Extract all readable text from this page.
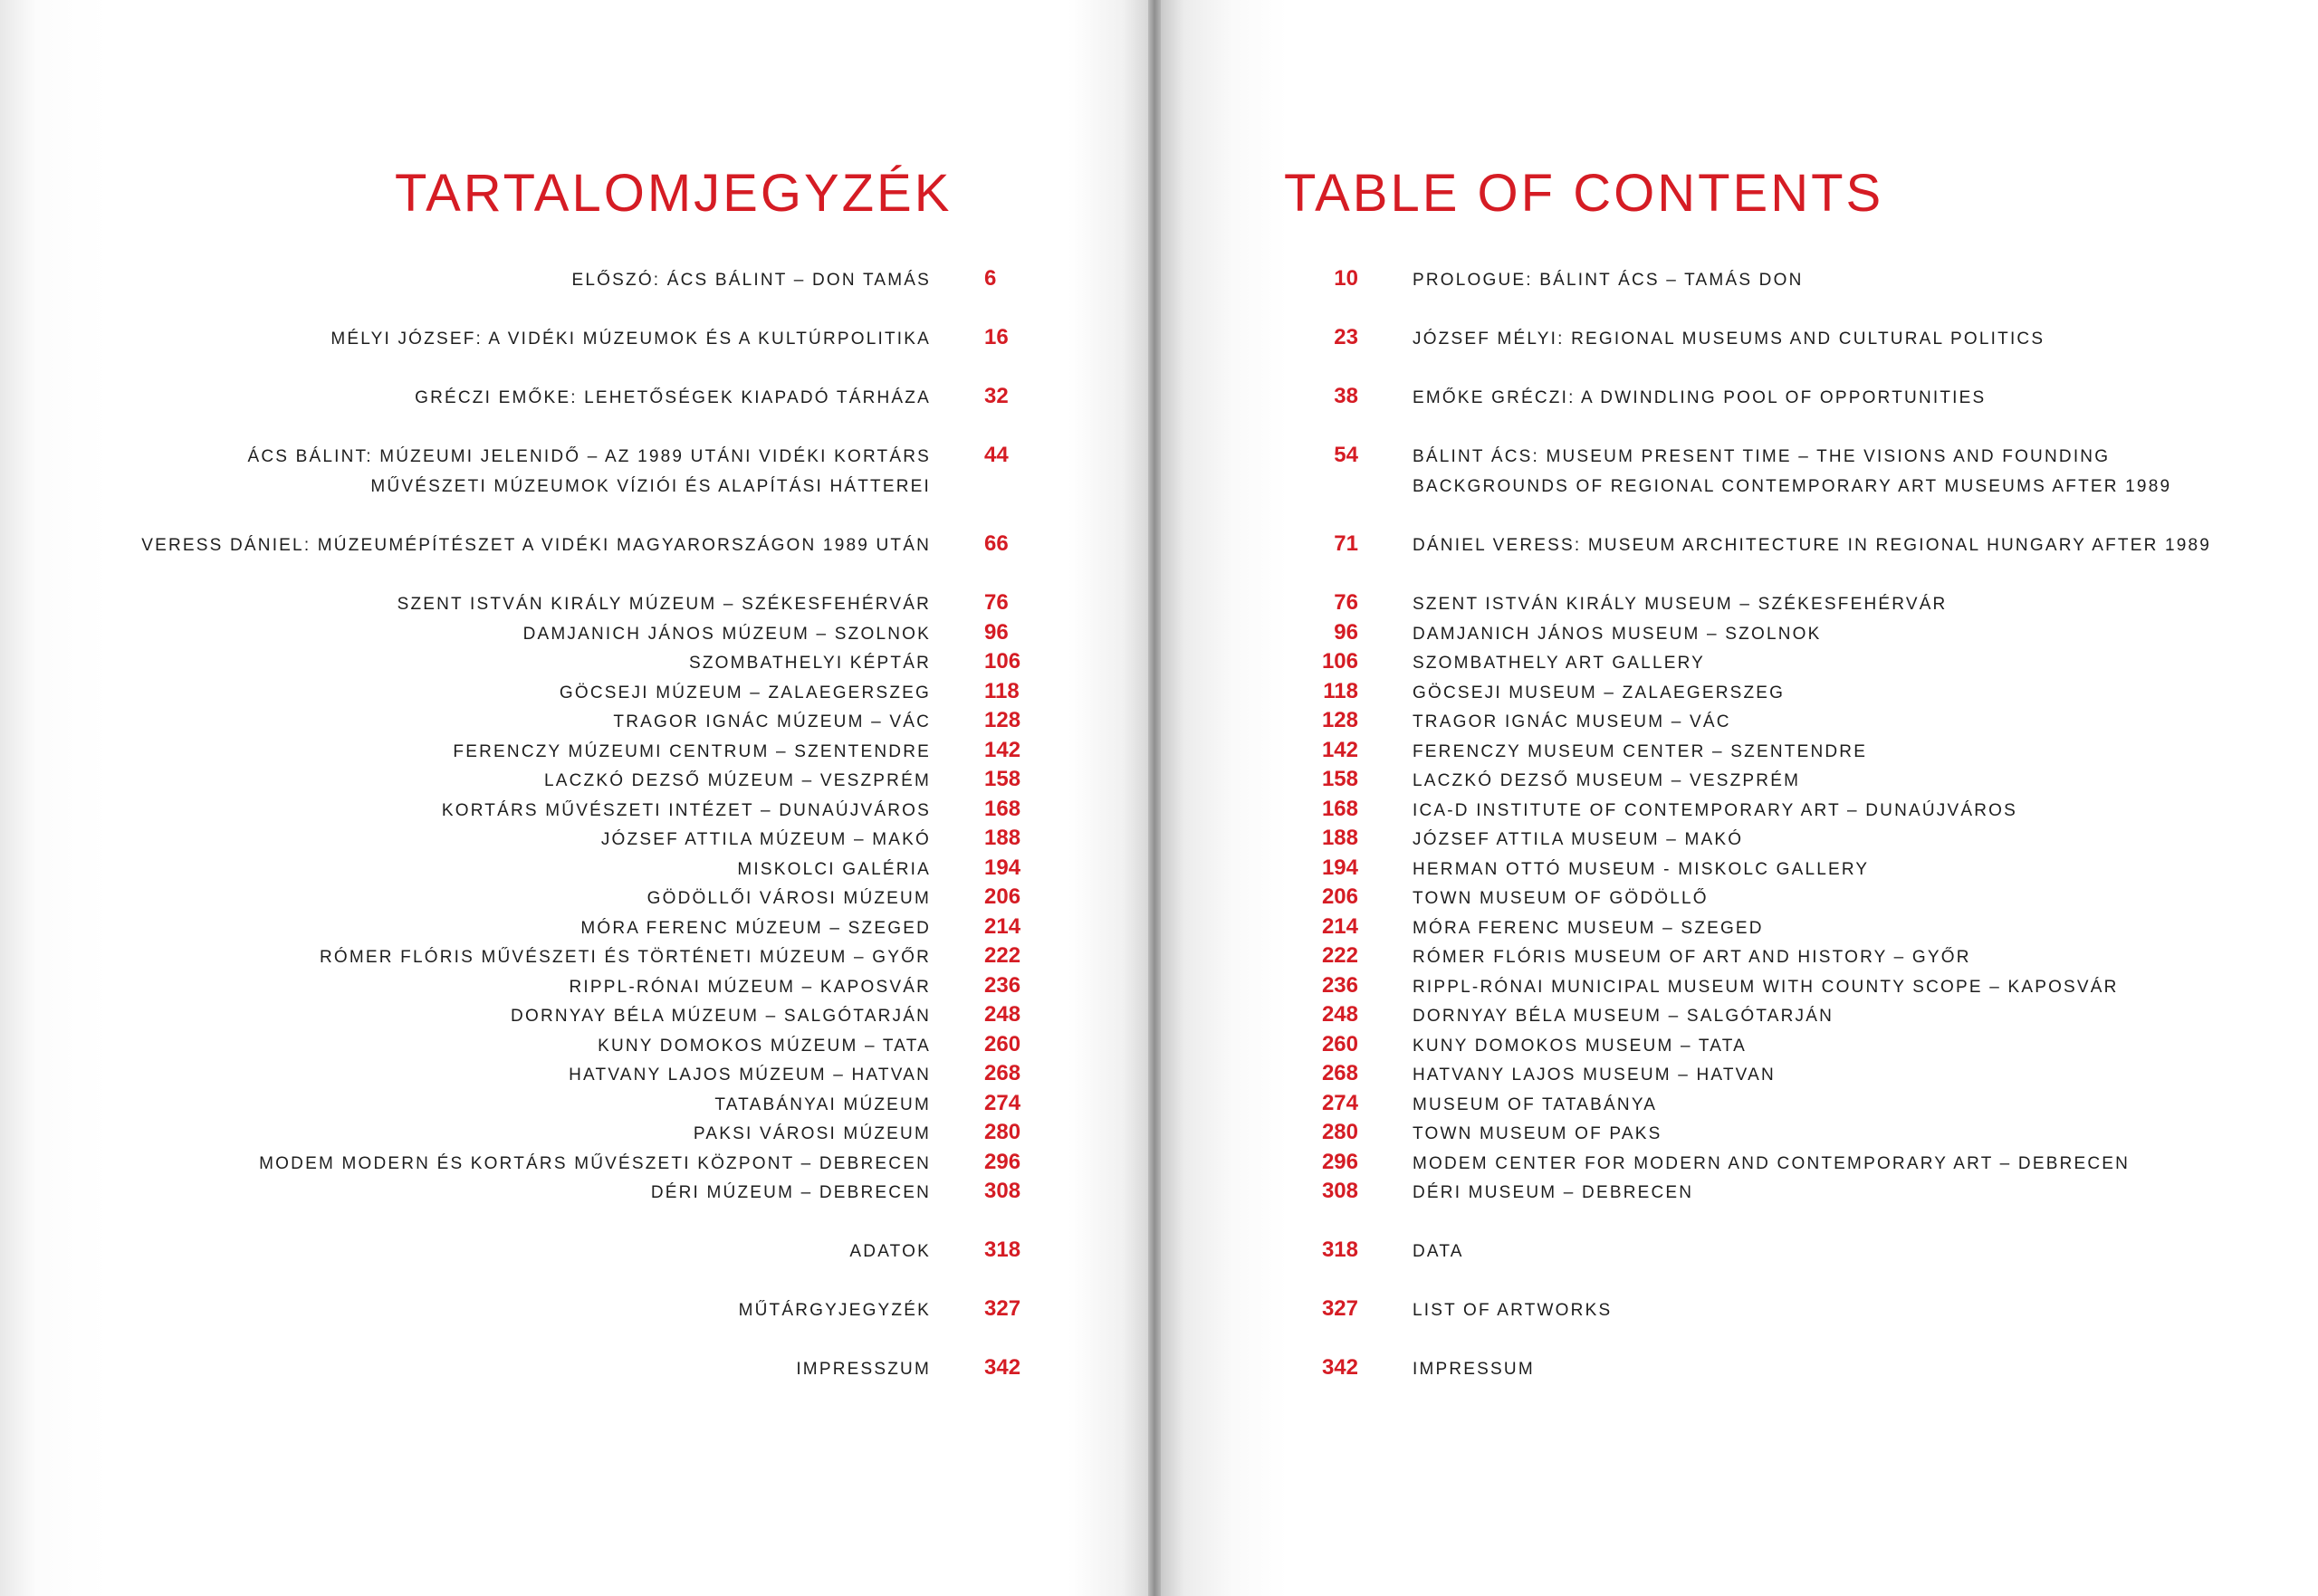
TARTALOMJEGYZÉK	TABLE OF CONTENTS
ELŐSZÓ: ÁCS BÁLINT – DON TAMÁS 6
MÉLYI JÓZSEF: A VIDÉKI MÚZEUMOK ÉS A KULTÚRPOLITIKA 16
GRÉCZI EMŐKE: LEHETŐSÉGEK KIAPADÓ TÁRHÁZA 32
ÁCS BÁLINT: MÚZEUMI JELENIDŐ – AZ 1989 UTÁNI VIDÉKI KORTÁRS
MŰVÉSZETI MÚZEUMOK VÍZIÓI ÉS ALAPÍTÁSI HÁTTEREI
44
VERESS DÁNIEL: MÚZEUMÉPÍTÉSZET A VIDÉKI MAGYARORSZÁGON 1989 UTÁN 66
SZENT ISTVÁN KIRÁLY MÚZEUM – SZÉKESFEHÉRVÁR 76
DAMJANICH JÁNOS MÚZEUM – SZOLNOK 96
SZOMBATHELYI KÉPTÁR 106
GÖCSEJI MÚZEUM – ZALAEGERSZEG 118
TRAGOR IGNÁC MÚZEUM – VÁC 128
FERENCZY MÚZEUMI CENTRUM – SZENTENDRE 142
LACZKÓ DEZSŐ MÚZEUM – VESZPRÉM 158
KORTÁRS MŰVÉSZETI INTÉZET – DUNAÚJVÁROS 168
JÓZSEF ATTILA MÚZEUM – MAKÓ 188
MISKOLCI GALÉRIA 194
GÖDÖLLŐI VÁROSI MÚZEUM 206
MÓRA FERENC MÚZEUM – SZEGED 214
RÓMER FLÓRIS MŰVÉSZETI ÉS TÖRTÉNETI MÚZEUM – GYŐR 222
RIPPL-RÓNAI MÚZEUM – KAPOSVÁR 236
DORNYAY BÉLA MÚZEUM – SALGÓTARJÁN 248
KUNY DOMOKOS MÚZEUM – TATA 260
HATVANY LAJOS MÚZEUM – HATVAN 268
TATABÁNYAI MÚZEUM 274
PAKSI VÁROSI MÚZEUM 280
MODEM MODERN ÉS KORTÁRS MŰVÉSZETI KÖZPONT – DEBRECEN 296
DÉRI MÚZEUM – DEBRECEN 308
ADATOK 318
MŰTÁRGYJEGYZÉK 327
IMPRESSZUM 342
10	PROLOGUE: BÁLINT ÁCS – TAMÁS DON
23	JÓZSEF MÉLYI: REGIONAL MUSEUMS AND CULTURAL POLITICS
38	EMŐKE GRÉCZI: A DWINDLING POOL OF OPPORTUNITIES
54	BÁLINT ÁCS: MUSEUM PRESENT TIME – THE VISIONS AND FOUNDING
BACKGROUNDS OF REGIONAL CONTEMPORARY ART MUSEUMS AFTER 1989
71	DÁNIEL VERESS: MUSEUM ARCHITECTURE IN REGIONAL HUNGARY AFTER 1989
76	SZENT ISTVÁN KIRÁLY MUSEUM – SZÉKESFEHÉRVÁR
96	DAMJANICH JÁNOS MUSEUM – SZOLNOK
106	SZOMBATHELY ART GALLERY
118	GÖCSEJI MUSEUM – ZALAEGERSZEG
128	TRAGOR IGNÁC MUSEUM – VÁC
142	FERENCZY MUSEUM CENTER – SZENTENDRE
158	LACZKÓ DEZSŐ MUSEUM – VESZPRÉM
168	ICA-D INSTITUTE OF CONTEMPORARY ART – DUNAÚJVÁROS
188	JÓZSEF ATTILA MUSEUM – MAKÓ
194	HERMAN OTTÓ MUSEUM - MISKOLC GALLERY
206	TOWN MUSEUM OF GÖDÖLLŐ
214	MÓRA FERENC MUSEUM – SZEGED
222	RÓMER FLÓRIS MUSEUM OF ART AND HISTORY – GYŐR
236	RIPPL-RÓNAI MUNICIPAL MUSEUM WITH COUNTY SCOPE – KAPOSVÁR
248	DORNYAY BÉLA MUSEUM – SALGÓTARJÁN
260	KUNY DOMOKOS MUSEUM – TATA
268	HATVANY LAJOS MUSEUM – HATVAN
274	MUSEUM OF TATABÁNYA
280	TOWN MUSEUM OF PAKS
296	MODEM CENTER FOR MODERN AND CONTEMPORARY ART – DEBRECEN
308	DÉRI MUSEUM – DEBRECEN
318	DATA
327	LIST OF ARTWORKS
342	IMPRESSUM
